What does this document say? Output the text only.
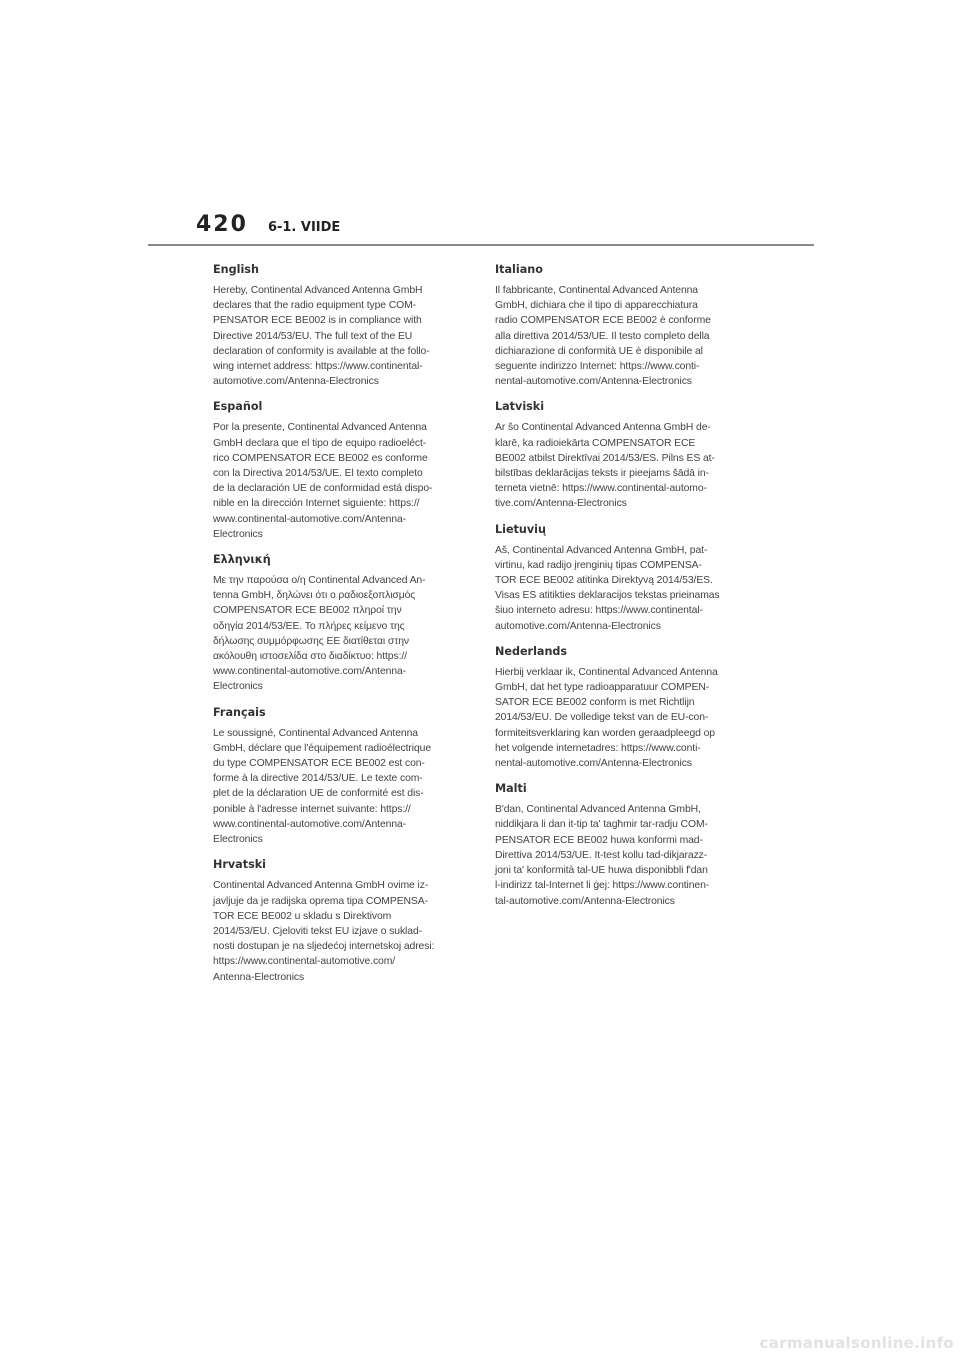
420 6-1. VIIDE
English

Hereby, Continental Advanced Antenna GmbH
declares that the radio equipment type COM-
PENSATOR ECE BE002 is in compliance with
Directive 2014/53/EU. The full text of the EU
declaration of conformity is available at the follo-
wing internet address: https://www.continental-
automotive.com/Antenna-Electronics

Español

Por la presente, Continental Advanced Antenna
GmbH declara que el tipo de equipo radioeléct-
rico COMPENSATOR ECE BE002 es conforme
con la Directiva 2014/53/UE. El texto completo
de la declaración UE de conformidad está dispo-
nible en la dirección Internet siguiente: https://
www.continental-automotive.com/Antenna-
Electronics

Ελληνική

Με την παρούσα ο/η Continental Advanced An-
tenna GmbH, δηλώνει ότι ο ραδιοεξοπλισμός
COMPENSATOR ECE BE002 πληροί την
οδηγία 2014/53/ΕΕ. Το πλήρες κείμενο της
δήλωσης συμμόρφωσης ΕΕ διατίθεται στην
ακόλουθη ιστοσελίδα στο διαδίκτυο: https://
www.continental-automotive.com/Antenna-
Electronics

Français

Le soussigné, Continental Advanced Antenna
GmbH, déclare que l'équipement radioélectrique
du type COMPENSATOR ECE BE002 est con-
forme à la directive 2014/53/UE. Le texte com-
plet de la déclaration UE de conformité est dis-
ponible à l'adresse internet suivante: https://
www.continental-automotive.com/Antenna-
Electronics

Hrvatski

Continental Advanced Antenna GmbH ovime iz-
javljuje da je radijska oprema tipa COMPENSA-
TOR ECE BE002 u skladu s Direktivom
2014/53/EU. Cjeloviti tekst EU izjave o suklad-
nosti dostupan je na sljedećoj internetskoj adresi:
https://www.continental-automotive.com/
Antenna-Electronics

Italiano

Il fabbricante, Continental Advanced Antenna
GmbH, dichiara che il tipo di apparecchiatura
radio COMPENSATOR ECE BE002 è conforme
alla direttiva 2014/53/UE. Il testo completo della
dichiarazione di conformità UE è disponibile al
seguente indirizzo Internet: https://www.conti-
nental-automotive.com/Antenna-Electronics

Latviski

Ar šo Continental Advanced Antenna GmbH de-
klarē, ka radioiekārta COMPENSATOR ECE
BE002 atbilst Direktīvai 2014/53/ES. Pilns ES at-
bilstības deklarācijas teksts ir pieejams šādā in-
terneta vietnē: https://www.continental-automo-
tive.com/Antenna-Electronics

Lietuvių

Aš, Continental Advanced Antenna GmbH, pat-
virtinu, kad radijo įrenginių tipas COMPENSA-
TOR ECE BE002 atitinka Direktyvą 2014/53/ES.
Visas ES atitikties deklaracijos tekstas prieinamas
šiuo interneto adresu: https://www.continental-
automotive.com/Antenna-Electronics

Nederlands

Hierbij verklaar ik, Continental Advanced Antenna
GmbH, dat het type radioapparatuur COMPEN-
SATOR ECE BE002 conform is met Richtlijn
2014/53/EU. De volledige tekst van de EU-con-
formiteitsverklaring kan worden geraadpleegd op
het volgende internetadres: https://www.conti-
nental-automotive.com/Antenna-Electronics

Malti

B'dan, Continental Advanced Antenna GmbH,
niddikjara li dan it-tip ta' tagħmir tar-radju COM-
PENSATOR ECE BE002 huwa konformi mad-
Direttiva 2014/53/UE. It-test kollu tad-dikjarazz-
joni ta' konformità tal-UE huwa disponibbli f'dan
l-indirizz tal-Internet li ġej: https://www.continen-
tal-automotive.com/Antenna-Electronics

carmanualsonline.info
